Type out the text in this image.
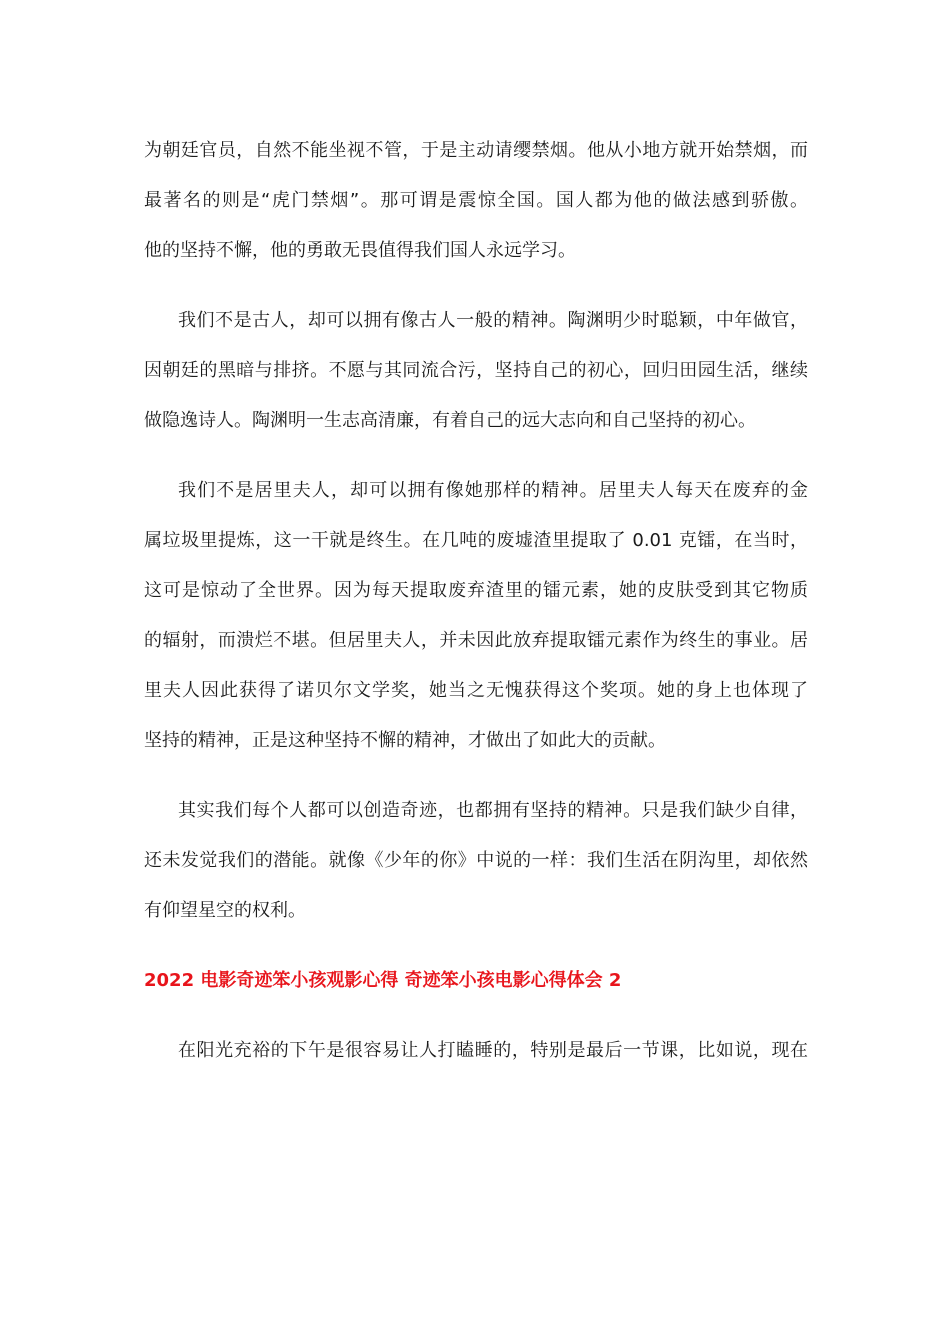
为朝廷官员，自然不能坐视不管，于是主动请缨禁烟。他从小地方就开始禁烟，而
最著名的则是“虎门禁烟”。那可谓是震惊全国。国人都为他的做法感到骄傲。
他的坚持不懈，他的勇敢无畏值得我们国人永远学习。
我们不是古人，却可以拥有像古人一般的精神。陶渊明少时聪颖，中年做官，
因朝廷的黑暗与排挤。不愿与其同流合污，坚持自己的初心，回归田园生活，继续
做隐逸诗人。陶渊明一生志高清廉，有着自己的远大志向和自己坚持的初心。
我们不是居里夫人，却可以拥有像她那样的精神。居里夫人每天在废弃的金
属垃圾里提炼，这一干就是终生。在几吨的废墟渣里提取了 0.01 克镭，在当时，
这可是惊动了全世界。因为每天提取废弃渣里的镭元素，她的皮肤受到其它物质
的辐射，而溃烂不堪。但居里夫人，并未因此放弃提取镭元素作为终生的事业。居
里夫人因此获得了诺贝尔文学奖，她当之无愧获得这个奖项。她的身上也体现了
坚持的精神，正是这种坚持不懈的精神，才做出了如此大的贡献。
其实我们每个人都可以创造奇迹，也都拥有坚持的精神。只是我们缺少自律，
还未发觉我们的潜能。就像《少年的你》中说的一样：我们生活在阴沟里，却依然
有仰望星空的权利。
2022 电影奇迹笨小孩观影心得 奇迹笨小孩电影心得体会 2
在阳光充裕的下午是很容易让人打瞌睡的，特别是最后一节课，比如说，现在
